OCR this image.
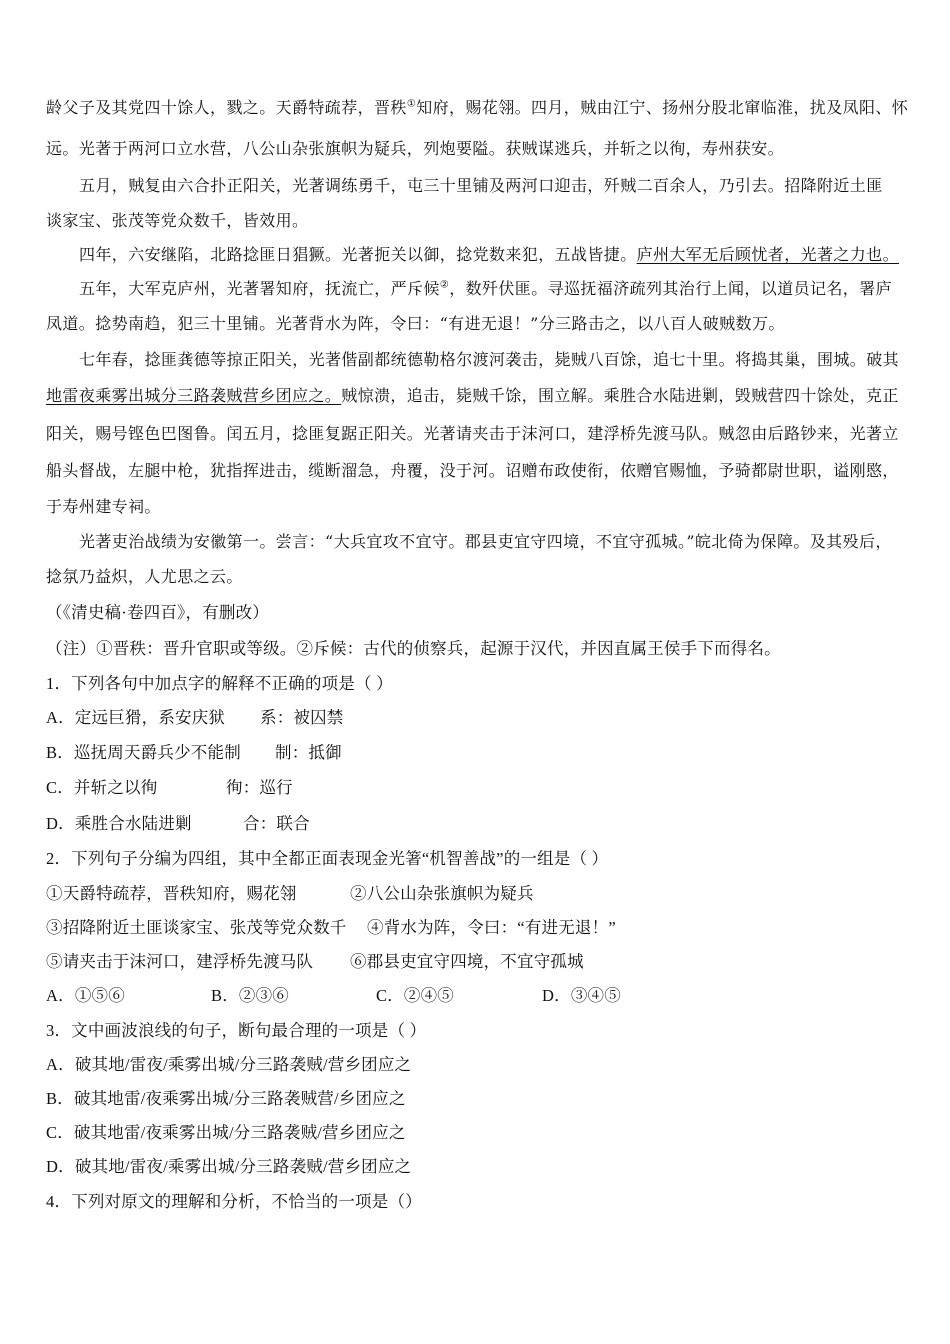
龄父子及其党四十馀人，戮之。天爵特疏荐，晋秩①知府，赐花翎。四月，贼由江宁、扬州分股北窜临淮，扰及凤阳、怀
远。光著于两河口立水营，八公山杂张旗帜为疑兵，列炮要隘。获贼谋逃兵，并斩之以徇，寿州获安。
五月，贼复由六合扑正阳关，光著调练勇千，屯三十里铺及两河口迎击，歼贼二百余人，乃引去。招降附近土匪
谈家宝、张茂等党众数千，皆效用。
四年，六安继陷，北路捻匪日猖獗。光著扼关以御，捻党数来犯，五战皆捷。庐州大军无后顾忧者，光著之力也。
五年，大军克庐州，光著署知府，抚流亡，严斥候②，数歼伏匪。寻巡抚福济疏列其治行上闻，以道员记名，署庐
凤道。捻势南趋，犯三十里铺。光著背水为阵，令曰：“有进无退！”分三路击之，以八百人破贼数万。
七年春，捻匪龚德等掠正阳关，光著偕副都统德勒格尔渡河袭击，毙贼八百馀，追七十里。将捣其巢，围城。破其
地雷夜乘雾出城分三路袭贼营乡团应之。贼惊溃，追击，毙贼千馀，围立解。乘胜合水陆进剿，毁贼营四十馀处，克正
阳关，赐号铿色巴图鲁。闰五月，捻匪复踞正阳关。光著请夹击于沫河口，建浮桥先渡马队。贼忽由后路钞来，光著立
船头督战，左腿中枪，犹指挥进击，缆断溜急，舟覆，没于河。诏赠布政使衔，依赠官赐恤，予骑都尉世职，谥刚愍，
于寿州建专祠。
光著吏治战绩为安徽第一。尝言：“大兵宜攻不宜守。郡县吏宜守四境，不宜守孤城。”皖北倚为保障。及其殁后，
捻氛乃益炽，人尤思之云。
（《清史稿·卷四百》，有删改）
（注）①晋秩：晋升官职或等级。②斥候：古代的侦察兵，起源于汉代，并因直属王侯手下而得名。
1．下列各句中加点字的解释不正确的项是（ ）
A．定远巨猾，系安庆狱 系：被囚禁
B．巡抚周天爵兵少不能制 制：抵御
C．并斩之以徇	徇：巡行
D．乘胜合水陆进剿	合：联合
2．下列句子分编为四组，其中全都正面表现金光箸“机智善战”的一组是（ ）
①天爵特疏荐，晋秩知府，赐花翎	②八公山杂张旗帜为疑兵
③招降附近土匪谈家宝、张茂等党众数千 ④背水为阵，令曰：“有进无退！”
⑤请夹击于沫河口，建浮桥先渡马队 ⑥郡县吏宜守四境，不宜守孤城
A．①⑤⑥	B．②③⑥	C．②④⑤	D．③④⑤
3．文中画波浪线的句子，断句最合理的一项是（ ）
A．破其地/雷夜/乘雾出城/分三路袭贼/营乡团应之
B．破其地雷/夜乘雾出城/分三路袭贼营/乡团应之
C．破其地雷/夜乘雾出城/分三路袭贼/营乡团应之
D．破其地/雷夜/乘雾出城/分三路袭贼/营乡团应之
4．下列对原文的理解和分析，不恰当的一项是（）
